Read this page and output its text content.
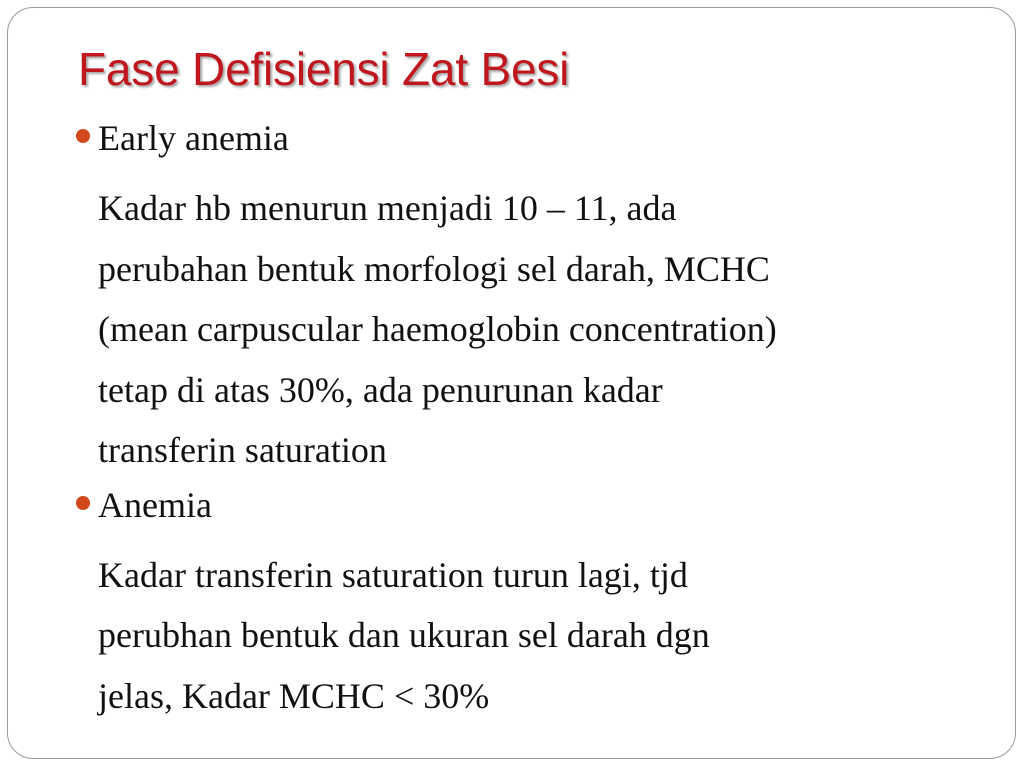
Fase Defisiensi Zat Besi
Early anemia
Kadar hb menurun menjadi 10 – 11, ada
perubahan bentuk morfologi sel darah, MCHC
(mean carpuscular haemoglobin concentration)
tetap di atas 30%, ada penurunan kadar
transferin saturation
Anemia
Kadar transferin saturation turun lagi, tjd
perubhan bentuk dan ukuran sel darah dgn
jelas, Kadar MCHC < 30%
